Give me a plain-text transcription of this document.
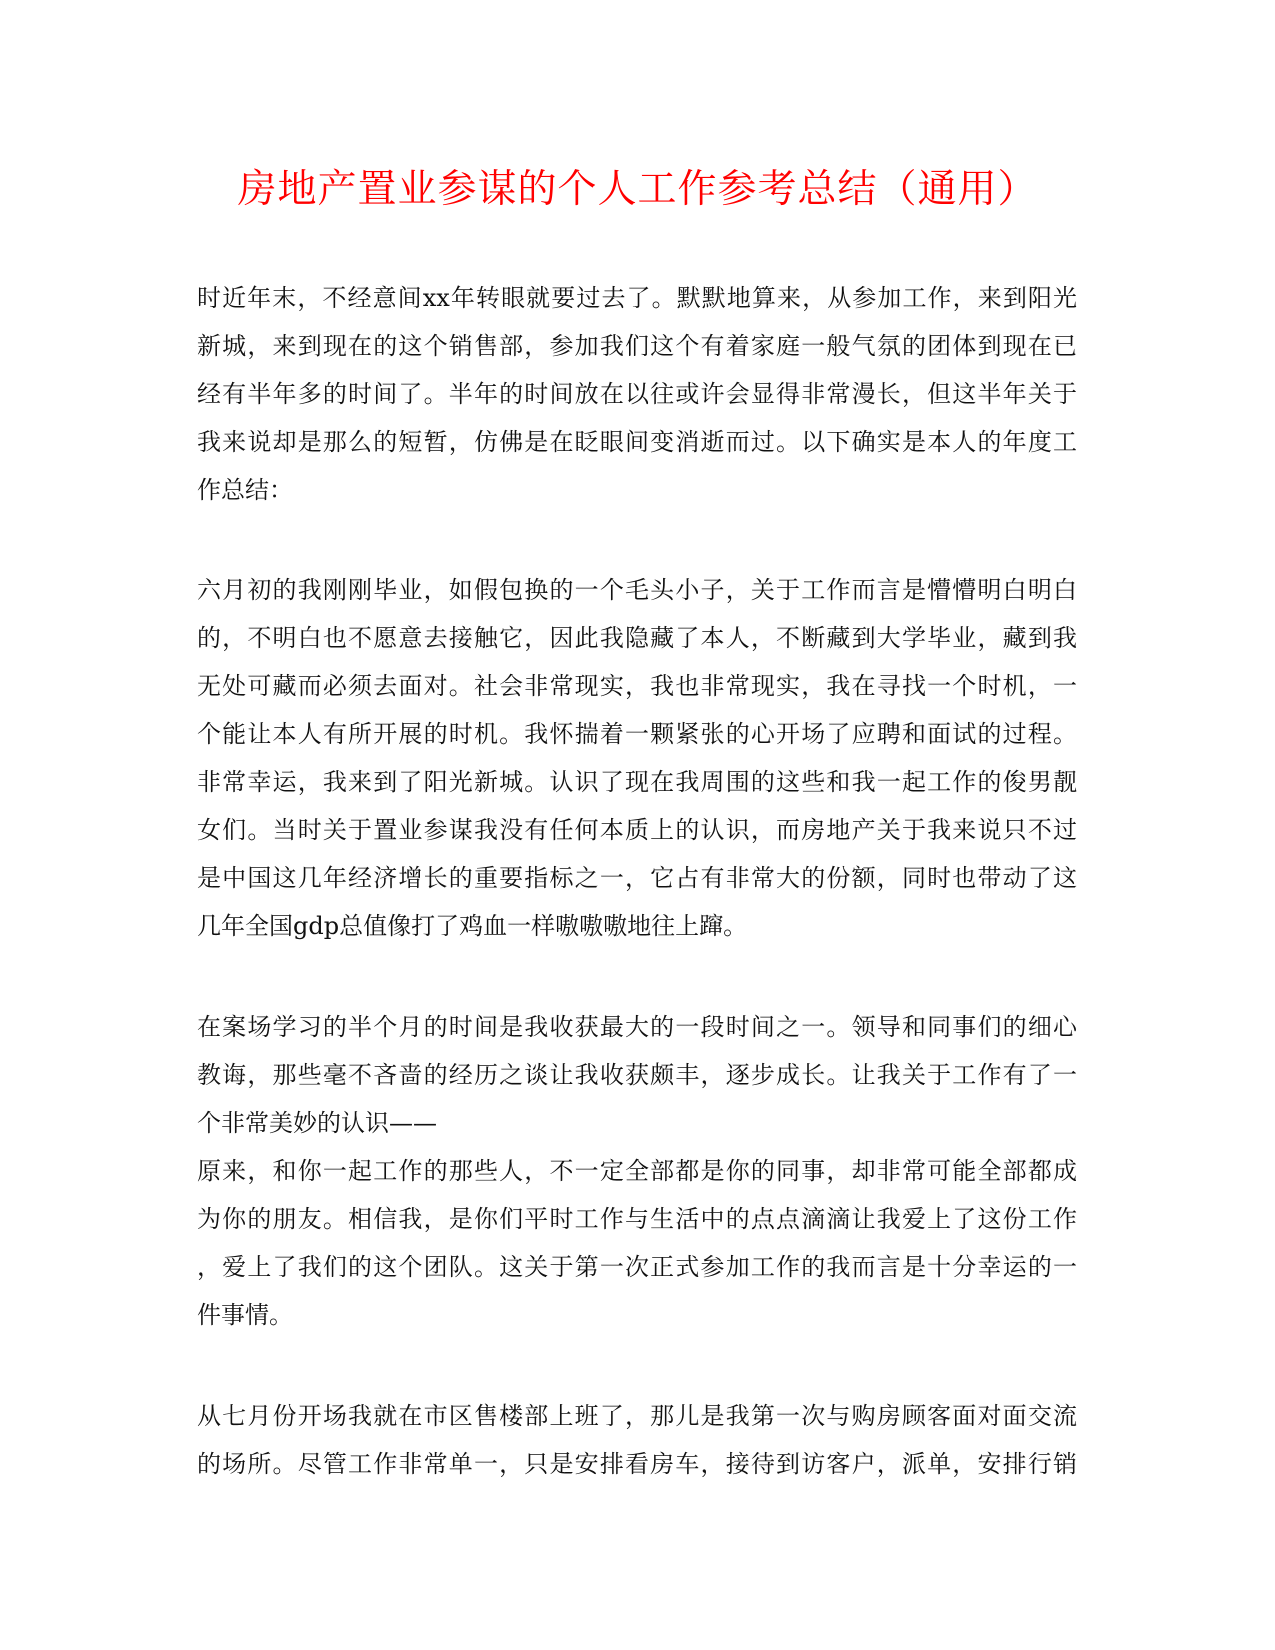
房地产置业参谋的个人工作参考总结（通用）
时近年末，不经意间xx年转眼就要过去了。默默地算来，从参加工作，来到阳光
新城，来到现在的这个销售部，参加我们这个有着家庭一般气氛的团体到现在已
经有半年多的时间了。半年的时间放在以往或许会显得非常漫长，但这半年关于
我来说却是那么的短暂，仿佛是在眨眼间变消逝而过。以下确实是本人的年度工
作总结：
六月初的我刚刚毕业，如假包换的一个毛头小子，关于工作而言是懵懵明白明白
的，不明白也不愿意去接触它，因此我隐藏了本人，不断藏到大学毕业，藏到我
无处可藏而必须去面对。社会非常现实，我也非常现实，我在寻找一个时机，一
个能让本人有所开展的时机。我怀揣着一颗紧张的心开场了应聘和面试的过程。
非常幸运，我来到了阳光新城。认识了现在我周围的这些和我一起工作的俊男靓
女们。当时关于置业参谋我没有任何本质上的认识，而房地产关于我来说只不过
是中国这几年经济增长的重要指标之一，它占有非常大的份额，同时也带动了这
几年全国gdp总值像打了鸡血一样嗷嗷嗷地往上蹿。
在案场学习的半个月的时间是我收获最大的一段时间之一。领导和同事们的细心
教诲，那些毫不吝啬的经历之谈让我收获颇丰，逐步成长。让我关于工作有了一
个非常美妙的认识——
原来，和你一起工作的那些人，不一定全部都是你的同事，却非常可能全部都成
为你的朋友。相信我，是你们平时工作与生活中的点点滴滴让我爱上了这份工作
，爱上了我们的这个团队。这关于第一次正式参加工作的我而言是十分幸运的一
件事情。
从七月份开场我就在市区售楼部上班了，那儿是我第一次与购房顾客面对面交流
的场所。尽管工作非常单一，只是安排看房车，接待到访客户，派单，安排行销
